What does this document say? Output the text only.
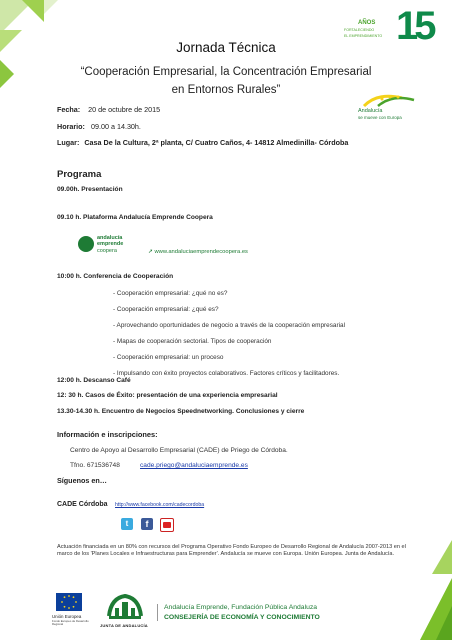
AÑOS
FORTALECIENDO
EL EMPRENDIMIENTO 15
Jornada Técnica
“Cooperación Empresarial, la Concentración Empresarial
en Entornos Rurales”
Fecha: 20 de octubre de 2015
Horario: 09.00 a 14.30h.
Lugar: Casa De la Cultura, 2ª planta, C/ Cuatro Caños, 4- 14812 Almedinilla- Córdoba
Andalucía
se mueve con Europa
Programa
09.00h. Presentación
09.10 h. Plataforma Andalucía Emprende Coopera
andalucía
emprende
coopera	➚ www.andaluciaemprendecoopera.es
10:00 h. Conferencia de Cooperación
- Cooperación empresarial: ¿qué no es?
- Cooperación empresarial: ¿qué es?
- Aprovechando oportunidades de negocio a través de la cooperación empresarial
- Mapas de cooperación sectorial. Tipos de cooperación
- Cooperación empresarial: un proceso
- Impulsando con éxito proyectos colaborativos. Factores críticos y facilitadores.
12:00 h. Descanso Café
12: 30 h. Casos de Éxito: presentación de una experiencia empresarial
13.30-14.30 h. Encuentro de Negocios Speednetworking. Conclusiones y cierre
Información e inscripciones:
Centro de Apoyo al Desarrollo Empresarial (CADE) de Priego de Córdoba.
Tfno. 671536748	cade.priego@andaluciaemprende.es
Síguenos en…
CADE Córdoba http://www.facebook.com/cadecordoba
t	f
Actuación financiada en un 80% con recursos del Programa Operativo Fondo Europeo de Desarrollo Regional de Andalucía 2007-2013 en el marco de los 'Planes Locales e Infraestructuras para Emprender'. Andalucía se mueve con Europa. Unión Europea. Junta de Andalucía.
Unión Europea
Fondo Europeo de Desarrollo Regional	JUNTA DE ANDALUCÍA
Andalucía Emprende, Fundación Pública Andaluza
CONSEJERÍA DE ECONOMÍA Y CONOCIMIENTO
